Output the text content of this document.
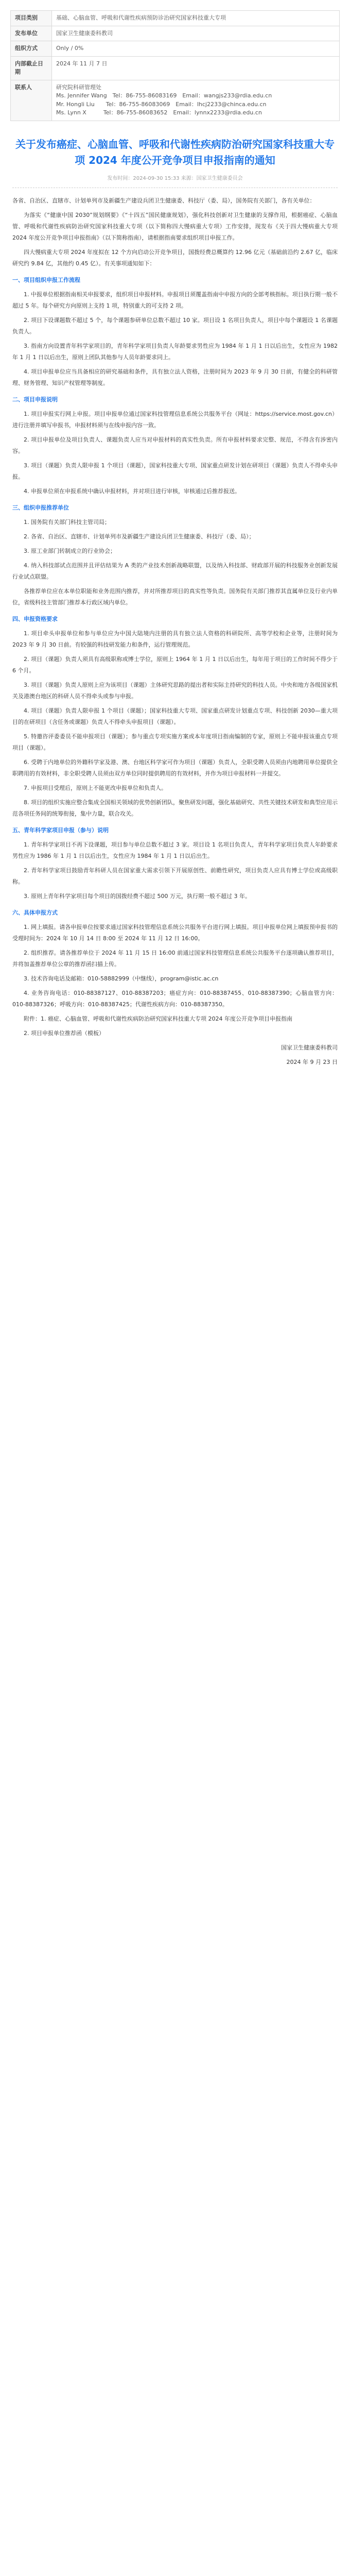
项目类别	基础、心脑血管、呼吸和代谢性疾病预防诊治研究国家科技重大专项
发布单位	国家卫生健康委科教司
组织方式	Only / 0%
内部截止日期	2024 年 11 月 7 日
联系人	研究院科研管理处
Ms. Jennifer Wang　Tel：86-755-86083169　Email：wangjs233@rdia.edu.cn
Mr. Hongli Liu　　Tel：86-755-86083069　Email：lhcj2233@chinca.edu.cn
Ms. Lynn X　　　Tel：86-755-86083652　Email：lynnx2233@rdia.edu.cn
关于发布癌症、心脑血管、呼吸和代谢性疾病防治研究国家科技重大专项 2024 年度公开竞争项目申报指南的通知
发布时间：2024-09-30 15:33 来源：国家卫生健康委员会

各省、自治区、直辖市、计划单列市及新疆生产建设兵团卫生健康委、科技厅（委、局），国务院有关部门，各有关单位：

为落实《“健康中国 2030”规划纲要》《“十四五”国民健康规划》，强化科技创新对卫生健康的支撑作用，根据癌症、心脑血管、呼吸和代谢性疾病防治研究国家科技重大专项（以下简称四大慢病重大专项）工作安排，现发布《关于四大慢病重大专项 2024 年度公开竞争项目申报指南》（以下简称指南），请根据指南要求组织项目申报工作。

四大慢病重大专项 2024 年度拟在 12 个方向启动公开竞争项目，国拨经费总概算约 12.96 亿元（基础前沿约 2.67 亿，临床研究约 9.84 亿，其他约 0.45 亿）。有关事项通知如下：

一、项目组织申报工作流程

1. 中报单位根据指南相关申报要求，组织项目申报材料。申报项目须覆盖指南中申报方向的全部考核指标。项目执行期一般不超过 5 年。每个研究方向原则上支持 1 项，特别重大的可支持 2 项。

2. 项目下设课题数不超过 5 个，每个课题参研单位总数不超过 10 家。项目设 1 名项目负责人，项目中每个课题设 1 名课题负责人。

3. 指南方向设置青年科学家项目的，青年科学家项目负责人年龄要求男性应为 1984 年 1 月 1 日以后出生，女性应为 1982 年 1 月 1 日以后出生，原则上团队其他参与人员年龄要求同上。

4. 项目申报单位应当具备相应的研究基础和条件，具有独立法人资格，注册时间为 2023 年 9 月 30 日前，有健全的科研管理、财务管理、知识产权管理等制度。

二、项目申报说明

1. 项目申报实行网上申报。项目申报单位通过国家科技管理信息系统公共服务平台（网址：https://service.most.gov.cn）进行注册并填写申报书，申报材料须与在线申报内容一致。

2. 项目申报单位及项目负责人、课题负责人应当对申报材料的真实性负责。所有申报材料要求完整、规范，不得含有涉密内容。

3. 项目（课题）负责人限申报 1 个项目（课题），国家科技重大专项、国家重点研发计划在研项目（课题）负责人不得牵头申报。

4. 申报单位须在申报系统中确认申报材料，并对项目进行审核，审核通过后推荐报送。

三、组织申报推荐单位

1. 国务院有关部门科技主管司局；

2. 各省、自治区、直辖市、计划单列市及新疆生产建设兵团卫生健康委、科技厅（委、局）；

3. 原工业部门转制成立的行业协会；

4. 纳入科技部试点范围并且评估结果为 A 类的产业技术创新战略联盟，以及纳入科技部、财政部开展的科技服务业创新发展行业试点联盟。

各推荐单位应在本单位职能和业务范围内推荐，并对所推荐项目的真实性等负责。国务院有关部门推荐其直属单位及行业内单位，省级科技主管部门推荐本行政区域内单位。

四、申报资格要求

1. 项目牵头申报单位和参与单位应为中国大陆境内注册的具有独立法人资格的科研院所、高等学校和企业等，注册时间为 2023 年 9 月 30 日前。有较强的科技研发能力和条件，运行管理规范。

2. 项目（课题）负责人须具有高级职称或博士学位，原则上 1964 年 1 月 1 日以后出生，每年用于项目的工作时间不得少于 6 个月。

3. 项目（课题）负责人原则上应为该项目（课题）主体研究思路的提出者和实际主持研究的科技人员。中央和地方各级国家机关及港澳台地区的科研人员不得牵头或参与申报。

4. 项目（课题）负责人限申报 1 个项目（课题）；国家科技重大专项、国家重点研发计划重点专项、科技创新 2030—重大项目的在研项目（含任务或课题）负责人不得牵头申报项目（课题）。

5. 特邀咨评委委员不能申报项目（课题）；参与重点专项实施方案或本年度项目指南编制的专家，原则上不能申报该重点专项项目（课题）。

6. 受聘于内地单位的外籍科学家及港、澳、台地区科学家可作为项目（课题）负责人，全职受聘人员须由内地聘用单位提供全职聘用的有效材料，非全职受聘人员须由双方单位同时提供聘用的有效材料，并作为项目申报材料一并提交。

7. 申报项目受理后，原则上不能更改申报单位和负责人。

8. 项目的组织实施应整合集成全国相关领域的优势创新团队，聚焦研发问题，强化基础研究、共性关键技术研发和典型应用示范各项任务间的统筹衔接，集中力量，联合攻关。

五、青年科学家项目申报（参与）说明

1. 青年科学家项目不再下设课题，项目参与单位总数不超过 3 家。项目设 1 名项目负责人，青年科学家项目负责人年龄要求男性应为 1986 年 1 月 1 日以后出生，女性应为 1984 年 1 月 1 日以后出生。

2. 青年科学家项目鼓励青年科研人员在国家重大需求引领下开展原创性、前瞻性研究，项目负责人应具有博士学位或高级职称。

3. 原则上青年科学家项目每个项目的国拨经费不超过 500 万元，执行期一般不超过 3 年。

六、具体申报方式

1. 网上填报。请各申报单位按要求通过国家科技管理信息系统公共服务平台进行网上填报。项目申报单位网上填报预申报书的受理时间为：2024 年 10 月 14 日 8:00 至 2024 年 11 月 12 日 16:00。

2. 组织推荐。请各推荐单位于 2024 年 11 月 15 日 16:00 前通过国家科技管理信息系统公共服务平台逐项确认推荐项目，并将加盖推荐单位公章的推荐函扫描上传。

3. 技术咨询电话及邮箱：010-58882999（中继线），program@istic.ac.cn

4. 业务咨询电话：010-88387127、010-88387203；癌症方向：010-88387455、010-88387390；心脑血管方向：010-88387326；呼吸方向：010-88387425；代谢性疾病方向：010-88387350。

附件：1. 癌症、心脑血管、呼吸和代谢性疾病防治研究国家科技重大专项 2024 年度公开竞争项目申报指南

2. 项目申报单位推荐函（模板）

国家卫生健康委科教司

2024 年 9 月 23 日
